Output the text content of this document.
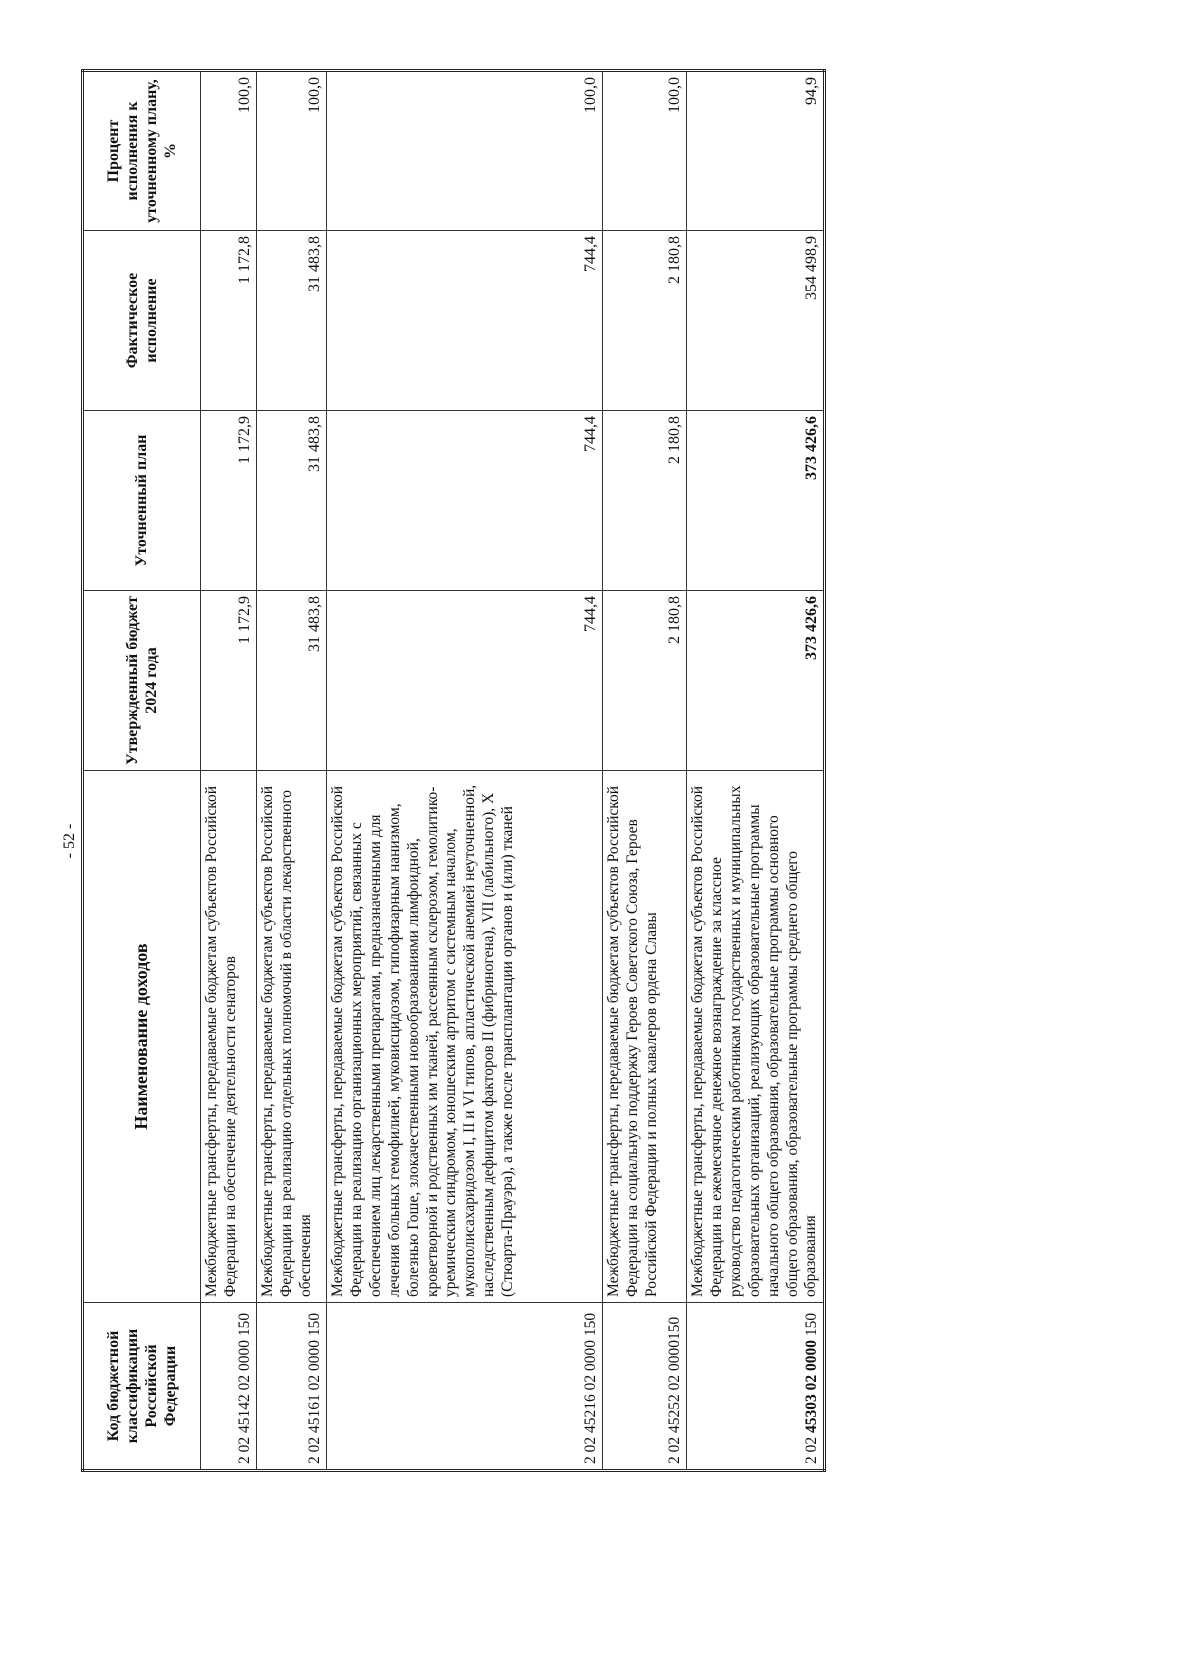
- 52 -
Код бюджетной классификации Российской Федерации	Наименование доходов	Утвержденный бюджет 2024 года	Уточненный план	Фактическое исполнение	Процент исполнения к уточненному плану, %
2 02 45142 02 0000 150	Межбюджетные трансферты, передаваемые бюджетам субъектов Российской Федерации на обеспечение деятельности сенаторов	1 172,9	1 172,9	1 172,8	100,0
2 02 45161 02 0000 150	Межбюджетные трансферты, передаваемые бюджетам субъектов Российской Федерации на реализацию отдельных полномочий в области лекарственного обеспечения	31 483,8	31 483,8	31 483,8	100,0
2 02 45216 02 0000 150	Межбюджетные трансферты, передаваемые бюджетам субъектов Российской Федерации на реализацию организационных мероприятий, связанных с обеспечением лиц лекарственными препаратами, предназначенными для лечения больных гемофилией, муковисцидозом, гипофизарным нанизмом, болезнью Гоше, злокачественными новообразованиями лимфоидной, кроветворной и родственных им тканей, рассеянным склерозом, гемолитико-уремическим синдромом, юношеским артритом с системным началом, мукополисахаридозом I, II и VI типов, апластической анемией неуточненной, наследственным дефицитом факторов II (фибриногена), VII (лабильного), X (Стюарта-Прауэра), а также после трансплантации органов и (или) тканей	744,4	744,4	744,4	100,0
2 02 45252 02 0000150	Межбюджетные трансферты, передаваемые бюджетам субъектов Российской Федерации на социальную поддержку Героев Советского Союза, Героев Российской Федерации и полных кавалеров ордена Славы	2 180,8	2 180,8	2 180,8	100,0
2 02 45303 02 0000 150	Межбюджетные трансферты, передаваемые бюджетам субъектов Российской Федерации на ежемесячное денежное вознаграждение за классное руководство педагогическим работникам государственных и муниципальных образовательных организаций, реализующих образовательные программы начального общего образования, образовательные программы основного общего образования, образовательные программы среднего общего образования	373 426,6	373 426,6	354 498,9	94,9
